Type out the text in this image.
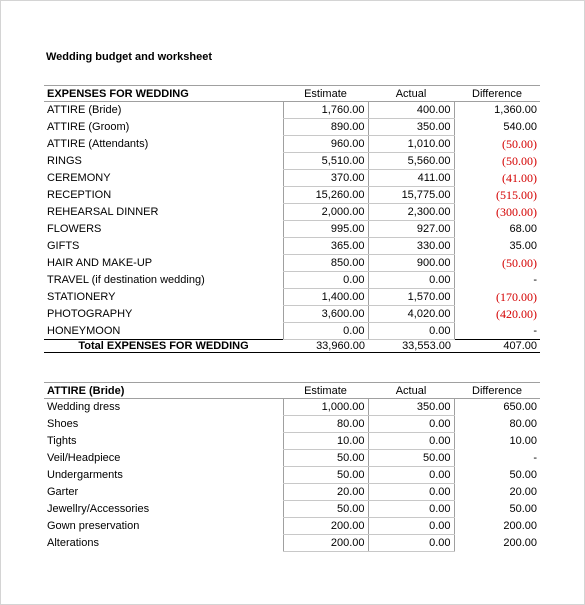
Wedding budget and worksheet
EXPENSES FOR WEDDING	Estimate	Actual	Difference
ATTIRE (Bride)	1,760.00	400.00	1,360.00
ATTIRE (Groom)	890.00	350.00	540.00
ATTIRE (Attendants)	960.00	1,010.00	(50.00)
RINGS	5,510.00	5,560.00	(50.00)
CEREMONY	370.00	411.00	(41.00)
RECEPTION	15,260.00	15,775.00	(515.00)
REHEARSAL DINNER	2,000.00	2,300.00	(300.00)
FLOWERS	995.00	927.00	68.00
GIFTS	365.00	330.00	35.00
HAIR AND MAKE-UP	850.00	900.00	(50.00)
TRAVEL (if destination wedding)	0.00	0.00	-
STATIONERY	1,400.00	1,570.00	(170.00)
PHOTOGRAPHY	3,600.00	4,020.00	(420.00)
HONEYMOON	0.00	0.00	-
Total EXPENSES FOR WEDDING	33,960.00	33,553.00	407.00
ATTIRE (Bride)	Estimate	Actual	Difference
Wedding dress	1,000.00	350.00	650.00
Shoes	80.00	0.00	80.00
Tights	10.00	0.00	10.00
Veil/Headpiece	50.00	50.00	-
Undergarments	50.00	0.00	50.00
Garter	20.00	0.00	20.00
Jewellry/Accessories	50.00	0.00	50.00
Gown preservation	200.00	0.00	200.00
Alterations	200.00	0.00	200.00
